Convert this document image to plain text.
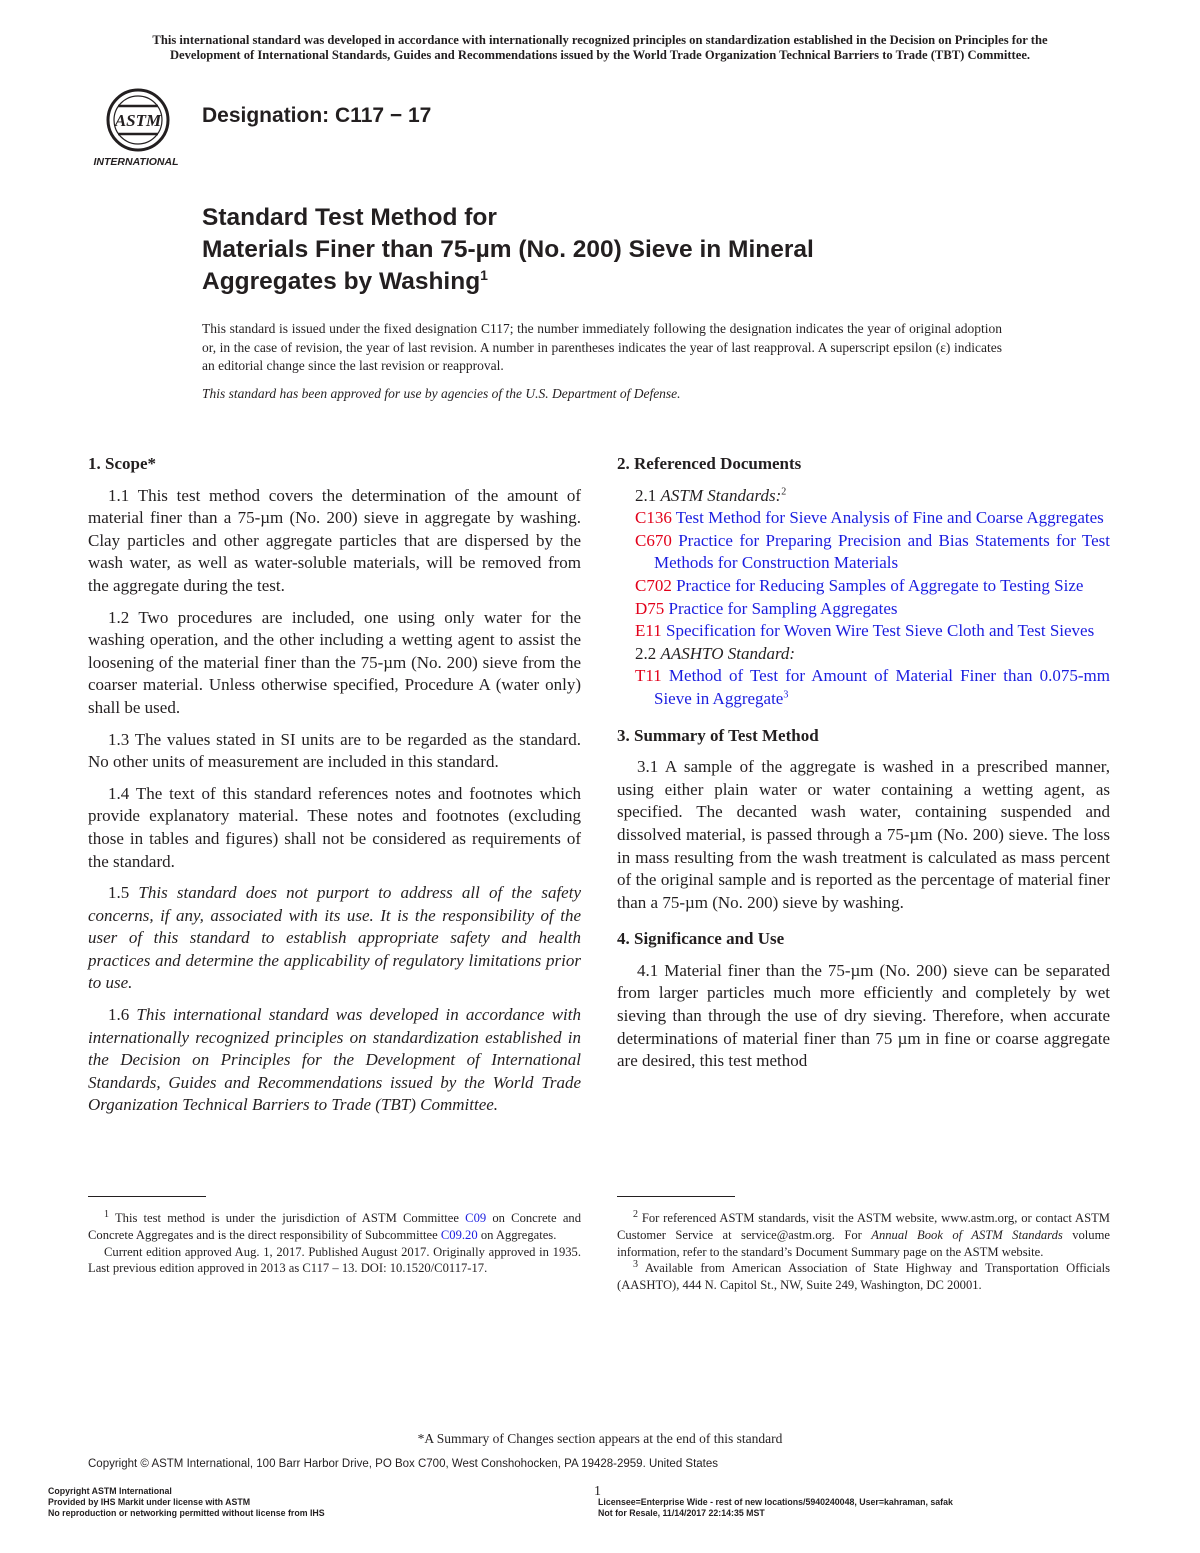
This international standard was developed in accordance with internationally recognized principles on standardization established in the Decision on Principles for the
Development of International Standards, Guides and Recommendations issued by the World Trade Organization Technical Barriers to Trade (TBT) Committee.
ASTM
INTERNATIONAL
Designation: C117 − 17
Standard Test Method for
Materials Finer than 75-µm (No. 200) Sieve in Mineral
Aggregates by Washing$^1$
This standard is issued under the fixed designation C117; the number immediately following the designation indicates the year of original adoption or, in the case of revision, the year of last revision. A number in parentheses indicates the year of last reapproval. A superscript epsilon (ε) indicates an editorial change since the last revision or reapproval.
This standard has been approved for use by agencies of the U.S. Department of Defense.
1. Scope*

1.1 This test method covers the determination of the amount of material finer than a 75-µm (No. 200) sieve in aggregate by washing. Clay particles and other aggregate particles that are dispersed by the wash water, as well as water-soluble materials, will be removed from the aggregate during the test.

1.2 Two procedures are included, one using only water for the washing operation, and the other including a wetting agent to assist the loosening of the material finer than the 75-µm (No. 200) sieve from the coarser material. Unless otherwise specified, Procedure A (water only) shall be used.

1.3 The values stated in SI units are to be regarded as the standard. No other units of measurement are included in this standard.

1.4 The text of this standard references notes and footnotes which provide explanatory material. These notes and footnotes (excluding those in tables and figures) shall not be considered as requirements of the standard.

1.5 This standard does not purport to address all of the safety concerns, if any, associated with its use. It is the responsibility of the user of this standard to establish appropriate safety and health practices and determine the applicability of regulatory limitations prior to use.

1.6 This international standard was developed in accordance with internationally recognized principles on standardization established in the Decision on Principles for the Development of International Standards, Guides and Recommendations issued by the World Trade Organization Technical Barriers to Trade (TBT) Committee.

2. Referenced Documents

2.1 ASTM Standards:$^2$

C136 Test Method for Sieve Analysis of Fine and Coarse Aggregates

C670 Practice for Preparing Precision and Bias Statements for Test Methods for Construction Materials

C702 Practice for Reducing Samples of Aggregate to Testing Size

D75 Practice for Sampling Aggregates

E11 Specification for Woven Wire Test Sieve Cloth and Test Sieves

2.2 AASHTO Standard:

T11 Method of Test for Amount of Material Finer than 0.075-mm Sieve in Aggregate$^3$

3. Summary of Test Method

3.1 A sample of the aggregate is washed in a prescribed manner, using either plain water or water containing a wetting agent, as specified. The decanted wash water, containing suspended and dissolved material, is passed through a 75-µm (No. 200) sieve. The loss in mass resulting from the wash treatment is calculated as mass percent of the original sample and is reported as the percentage of material finer than a 75-µm (No. 200) sieve by washing.

4. Significance and Use

4.1 Material finer than the 75-µm (No. 200) sieve can be separated from larger particles much more efficiently and completely by wet sieving than through the use of dry sieving. Therefore, when accurate determinations of material finer than 75 µm in fine or coarse aggregate are desired, this test method

$^1$ This test method is under the jurisdiction of ASTM Committee C09 on Concrete and Concrete Aggregates and is the direct responsibility of Subcommittee C09.20 on Aggregates.

Current edition approved Aug. 1, 2017. Published August 2017. Originally approved in 1935. Last previous edition approved in 2013 as C117 – 13. DOI: 10.1520/C0117-17.

$^2$ For referenced ASTM standards, visit the ASTM website, www.astm.org, or contact ASTM Customer Service at service@astm.org. For Annual Book of ASTM Standards volume information, refer to the standard’s Document Summary page on the ASTM website.

$^3$ Available from American Association of State Highway and Transportation Officials (AASHTO), 444 N. Capitol St., NW, Suite 249, Washington, DC 20001.

*A Summary of Changes section appears at the end of this standard
Copyright © ASTM International, 100 Barr Harbor Drive, PO Box C700, West Conshohocken, PA 19428-2959. United States
Copyright ASTM International
Provided by IHS Markit under license with ASTM
No reproduction or networking permitted without license from IHS
1
Licensee=Enterprise Wide - rest of new locations/5940240048, User=kahraman, safak
Not for Resale, 11/14/2017 22:14:35 MST
